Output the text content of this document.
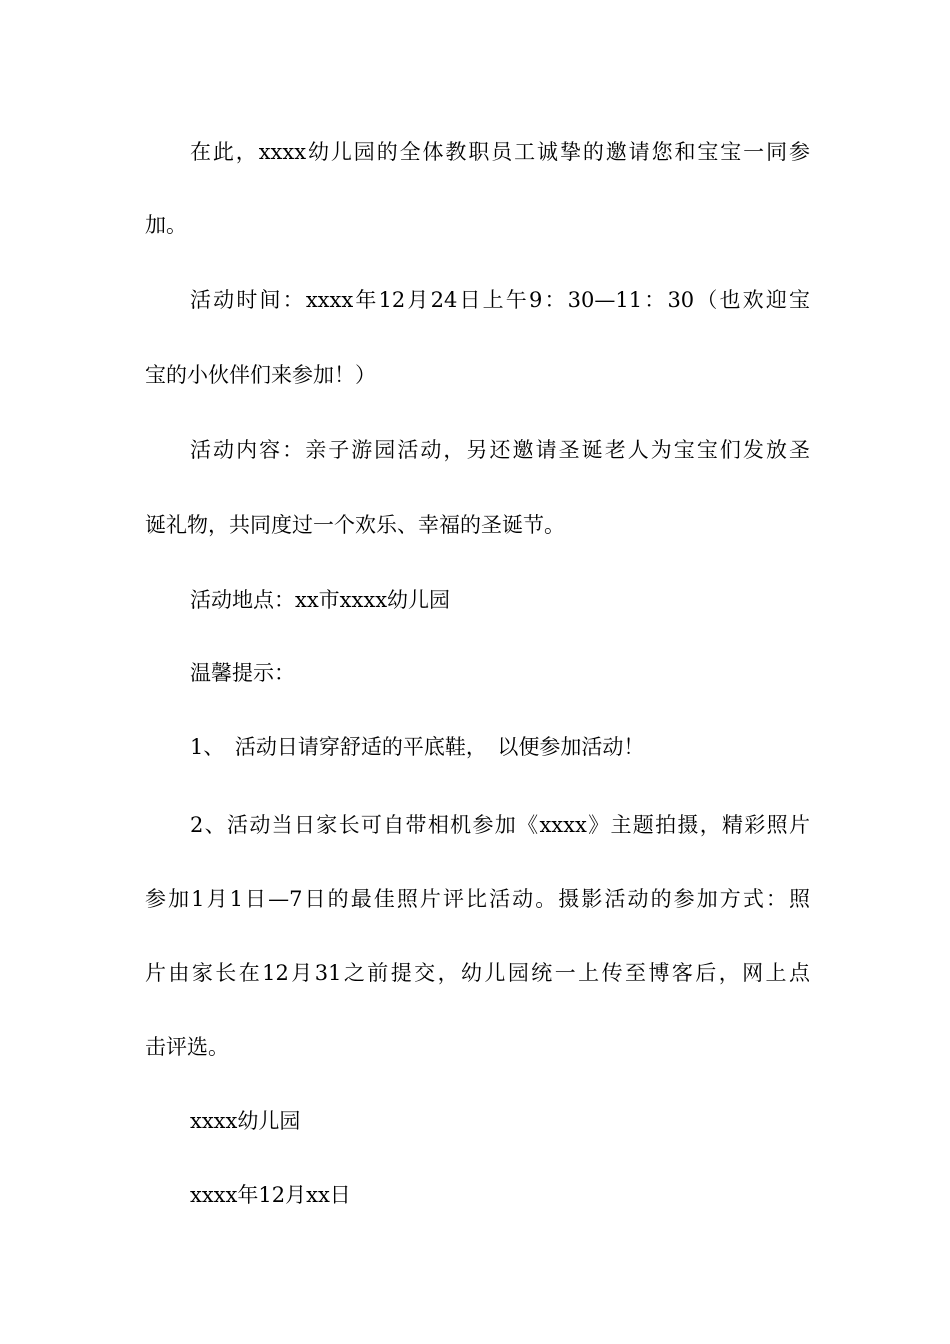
在此，xxxx幼儿园的全体教职员工诚挚的邀请您和宝宝一同参
加。
活动时间：xxxx年12月24日上午9：30—11：30（也欢迎宝
宝的小伙伴们来参加！）
活动内容：亲子游园活动，另还邀请圣诞老人为宝宝们发放圣
诞礼物，共同度过一个欢乐、幸福的圣诞节。
活动地点：xx市xxxx幼儿园
温馨提示：
1、　活动日请穿舒适的平底鞋，　以便参加活动！
2、活动当日家长可自带相机参加《xxxx》主题拍摄，精彩照片
参加1月1日—7日的最佳照片评比活动。摄影活动的参加方式：照
片由家长在12月31之前提交，幼儿园统一上传至博客后，网上点
击评选。
xxxx幼儿园
xxxx年12月xx日
